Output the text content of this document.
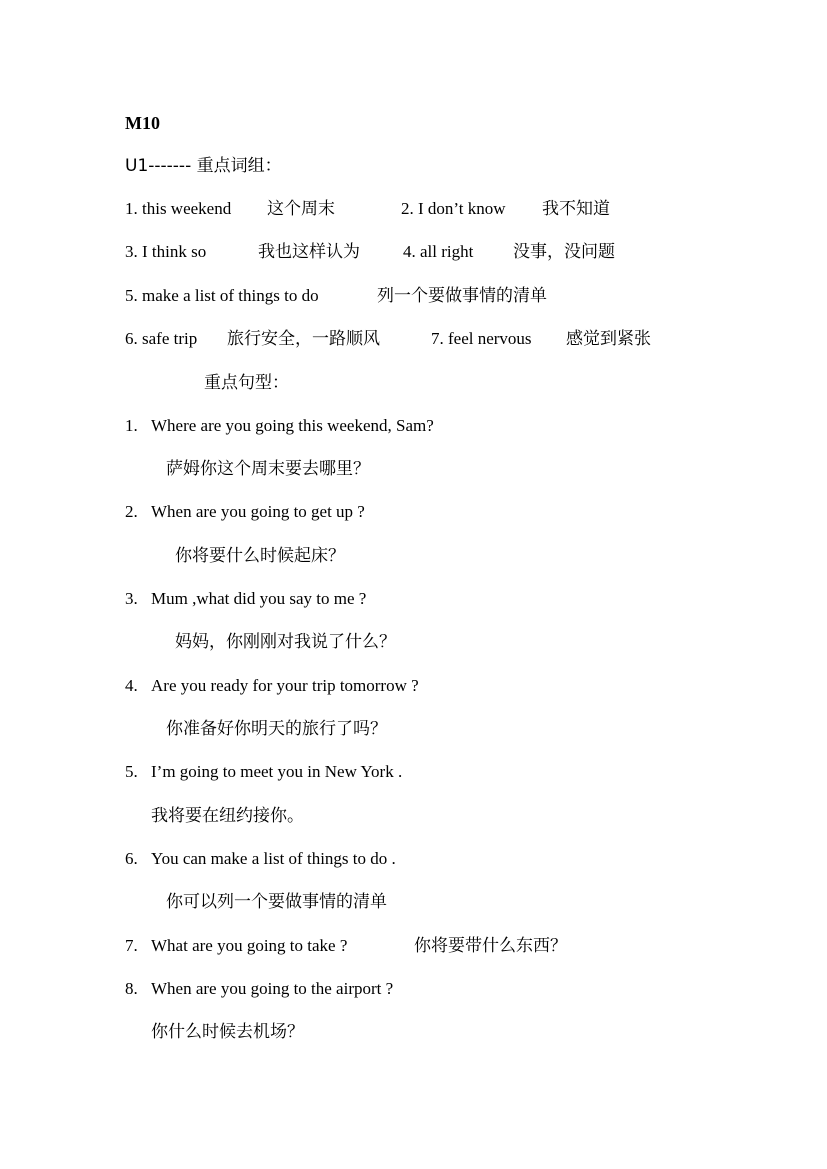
M10
U1------- 重点词组：
1. this weekend 这个周末	2. I don’t know 我不知道
3. I think so	我也这样认为	4. all right 没事，没问题
5. make a list of things to do	列一个要做事情的清单
6. safe trip 旅行安全，一路顺风	7. feel nervous 感觉到紧张
重点句型：
1. Where are you going this weekend, Sam?
萨姆你这个周末要去哪里？
2. When are you going to get up ?
你将要什么时候起床？
3. Mum ,what did you say to me ?
妈妈，你刚刚对我说了什么？
4. Are you ready for your trip tomorrow ?
你准备好你明天的旅行了吗？
5. I’m going to meet you in New York .
我将要在纽约接你。
6. You can make a list of things to do .
你可以列一个要做事情的清单
7. What are you going to take ?	你将要带什么东西？
8. When are you going to the airport ?
你什么时候去机场？
